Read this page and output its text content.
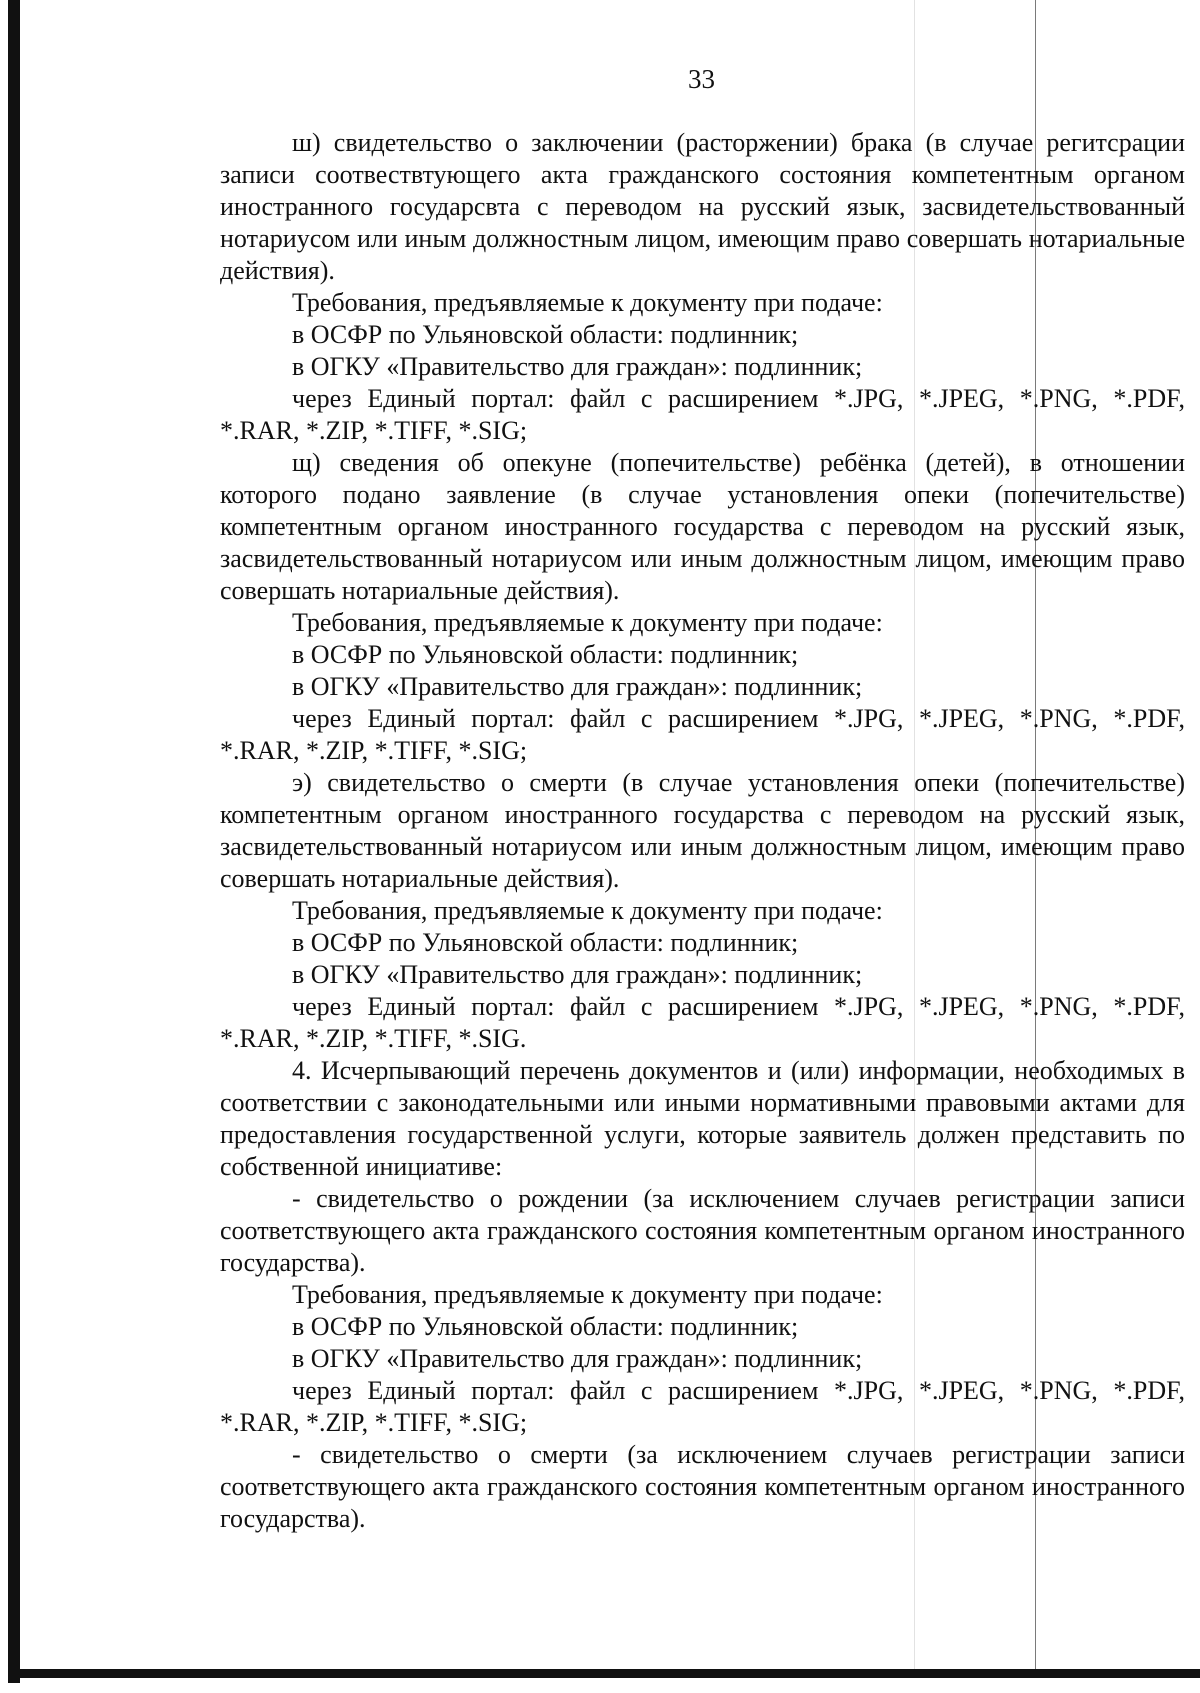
33

ш) свидетельство о заключении (расторжении) брака (в случае регитсрации записи соотвествтующего акта гражданского состояния компетентным органом иностранного государсвта с переводом на русский язык, засвидетельствованный нотариусом или иным должностным лицом, имеющим право совершать нотариальные действия).

Требования, предъявляемые к документу при подаче:

в ОСФР по Ульяновской области: подлинник;

в ОГКУ «Правительство для граждан»: подлинник;

через Единый портал: файл с расширением *.JPG, *.JPEG, *.PNG, *.PDF, *.RAR, *.ZIP, *.TIFF, *.SIG;

щ) сведения об опекуне (попечительстве) ребёнка (детей), в отношении которого подано заявление (в случае установления опеки (попечительстве) компетентным органом иностранного государства с переводом на русский язык, засвидетельствованный нотариусом или иным должностным лицом, имеющим право совершать нотариальные действия).

Требования, предъявляемые к документу при подаче:

в ОСФР по Ульяновской области: подлинник;

в ОГКУ «Правительство для граждан»: подлинник;

через Единый портал: файл с расширением *.JPG, *.JPEG, *.PNG, *.PDF, *.RAR, *.ZIP, *.TIFF, *.SIG;

э) свидетельство о смерти (в случае установления опеки (попечительстве) компетентным органом иностранного государства с переводом на русский язык, засвидетельствованный нотариусом или иным должностным лицом, имеющим право совершать нотариальные действия).

Требования, предъявляемые к документу при подаче:

в ОСФР по Ульяновской области: подлинник;

в ОГКУ «Правительство для граждан»: подлинник;

через Единый портал: файл с расширением *.JPG, *.JPEG, *.PNG, *.PDF, *.RAR, *.ZIP, *.TIFF, *.SIG.

4. Исчерпывающий перечень документов и (или) информации, необходимых в соответствии с законодательными или иными нормативными правовыми актами для предоставления государственной услуги, которые заявитель должен представить по собственной инициативе:

- свидетельство о рождении (за исключением случаев регистрации записи соответствующего акта гражданского состояния компетентным органом иностранного государства).

Требования, предъявляемые к документу при подаче:

в ОСФР по Ульяновской области: подлинник;

в ОГКУ «Правительство для граждан»: подлинник;

через Единый портал: файл с расширением *.JPG, *.JPEG, *.PNG, *.PDF, *.RAR, *.ZIP, *.TIFF, *.SIG;

- свидетельство о смерти (за исключением случаев регистрации записи соответствующего акта гражданского состояния компетентным органом иностранного государства).
